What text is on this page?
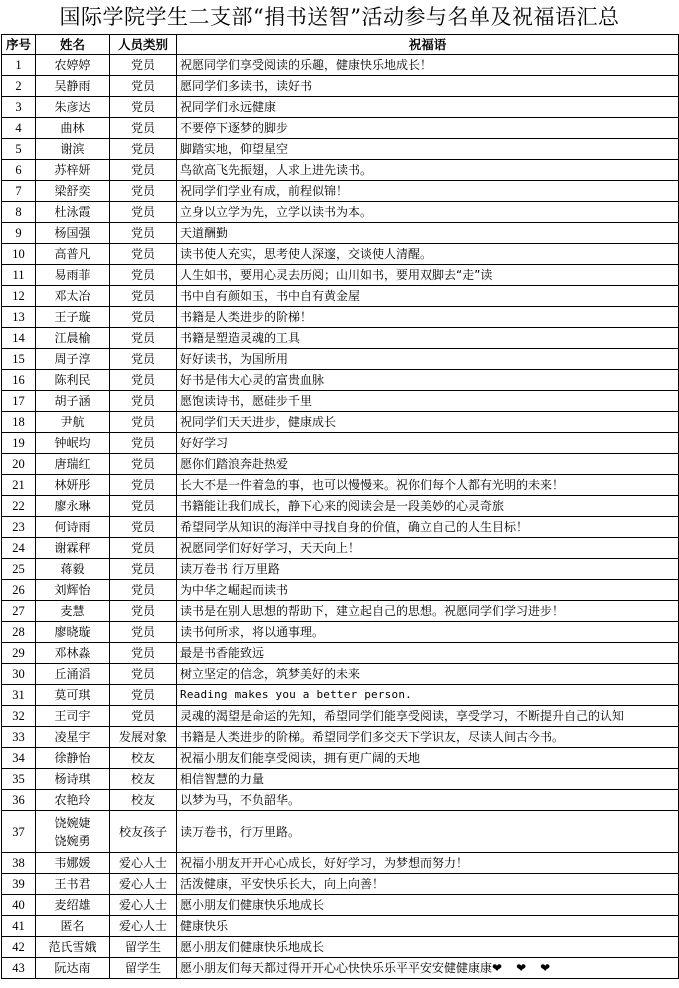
国际学院学生二支部“捐书送智”活动参与名单及祝福语汇总
序号	姓名	人员类别	祝福语
1	农婷婷	党员	祝愿同学们享受阅读的乐趣，健康快乐地成长！
2	吴静雨	党员	愿同学们多读书，读好书
3	朱彦达	党员	祝同学们永远健康
4	曲林	党员	不要停下逐梦的脚步
5	谢滨	党员	脚踏实地，仰望星空
6	苏梓妍	党员	鸟欲高飞先振翅，人求上进先读书。
7	梁舒奕	党员	祝同学们学业有成，前程似锦！
8	杜泳霞	党员	立身以立学为先，立学以读书为本。
9	杨国强	党员	天道酬勤
10	高普凡	党员	读书使人充实，思考使人深邃，交谈使人清醒。
11	易雨菲	党员	人生如书，要用心灵去历阅；山川如书，要用双脚去“走”读
12	邓太冶	党员	书中自有颜如玉，书中自有黄金屋
13	王子璇	党员	书籍是人类进步的阶梯！
14	江晨榆	党员	书籍是塑造灵魂的工具
15	周子淳	党员	好好读书，为国所用
16	陈利民	党员	好书是伟大心灵的富贵血脉
17	胡子涵	党员	愿饱读诗书，愿硅步千里
18	尹航	党员	祝同学们天天进步，健康成长
19	钟岷均	党员	好好学习
20	唐瑞红	党员	愿你们踏浪奔赴热爱
21	林妍彤	党员	长大不是一件着急的事，也可以慢慢来。祝你们每个人都有光明的未来！
22	廖永琳	党员	书籍能让我们成长，静下心来的阅读会是一段美妙的心灵奇旅
23	何诗雨	党员	希望同学从知识的海洋中寻找自身的价值，确立自己的人生目标！
24	谢霖秤	党员	祝愿同学们好好学习，天天向上！
25	蒋毅	党员	读万卷书 行万里路
26	刘辉怡	党员	为中华之崛起而读书
27	麦慧	党员	读书是在别人思想的帮助下，建立起自己的思想。祝愿同学们学习进步！
28	廖晓璇	党员	读书何所求，将以通事理。
29	邓林淼	党员	最是书香能致远
30	丘涌滔	党员	树立坚定的信念，筑梦美好的未来
31	莫可琪	党员	Reading makes you a better person.
32	王司宇	党员	灵魂的渴望是命运的先知，希望同学们能享受阅读，享受学习，不断提升自己的认知
33	凌星宇	发展对象	书籍是人类进步的阶梯。希望同学们多交天下学识友，尽读人间古今书。
34	徐静怡	校友	祝福小朋友们能享受阅读，拥有更广阔的天地
35	杨诗琪	校友	相信智慧的力量
36	农艳玲	校友	以梦为马，不负韶华。
37	饶婉婕
饶婉勇	校友孩子	读万卷书，行万里路。
38	韦娜媛	爱心人士	祝福小朋友开开心心成长，好好学习，为梦想而努力！
39	王书君	爱心人士	活泼健康，平安快乐长大，向上向善！
40	麦绍雄	爱心人士	愿小朋友们健康快乐地成长
41	匿名	爱心人士	健康快乐
42	范氏雪娥	留学生	愿小朋友们健康快乐地成长
43	阮达南	留学生	愿小朋友们每天都过得开开心心快快乐乐平平安安健健康康❤❤❤
